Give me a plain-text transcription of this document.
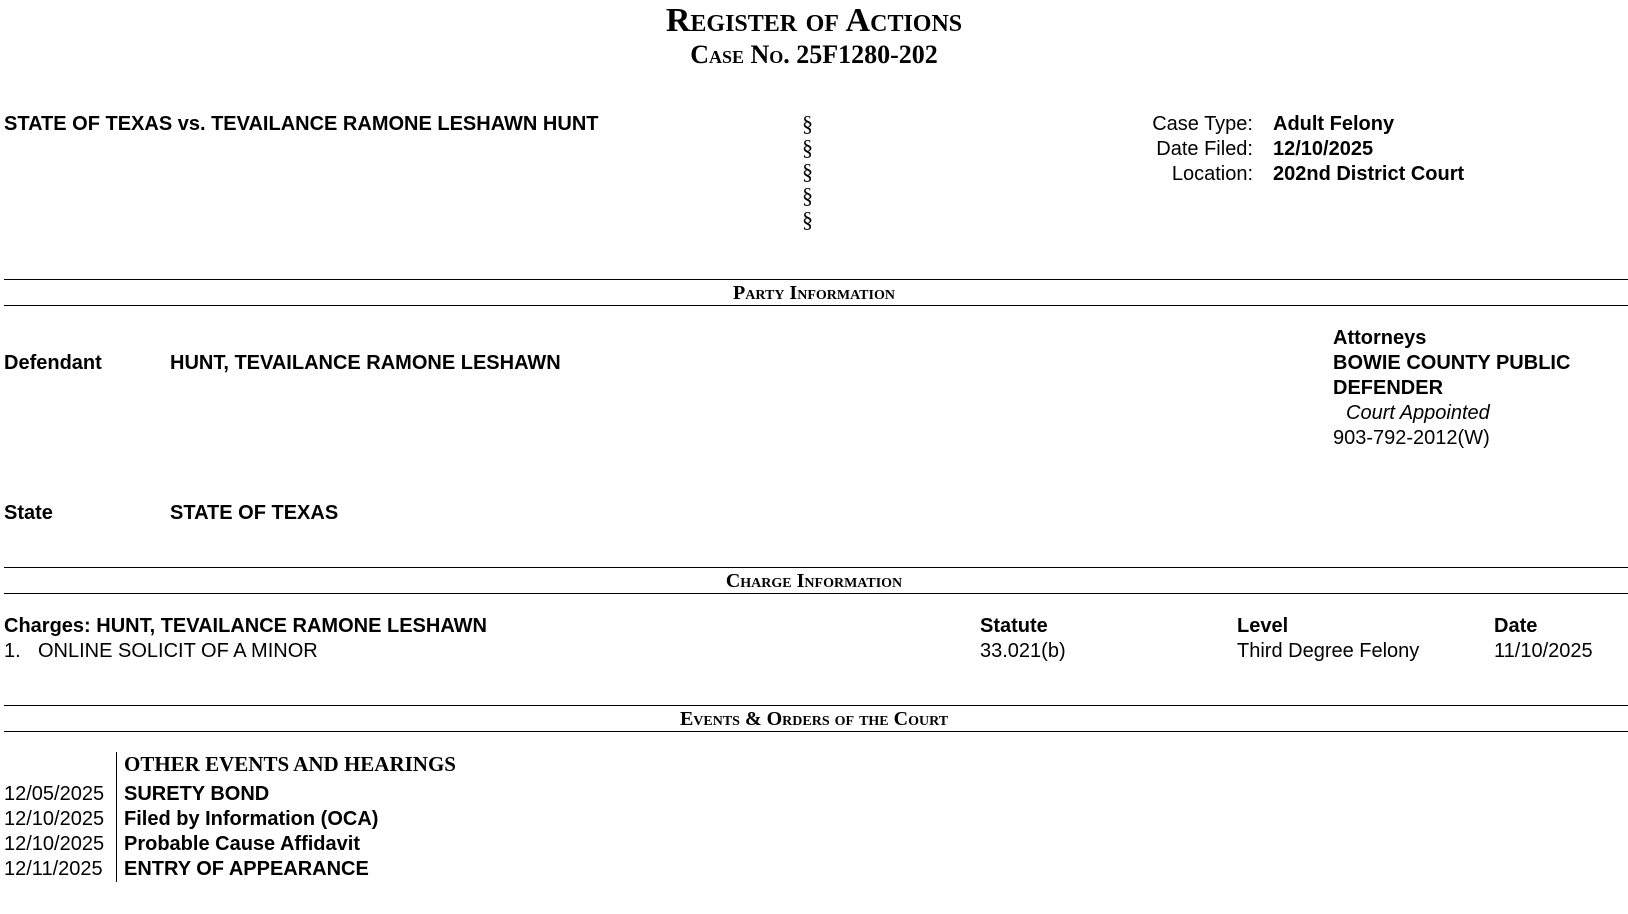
Register of Actions
Case No. 25F1280-202
STATE OF TEXAS vs. TEVAILANCE RAMONE LESHAWN HUNT	§
§
§
§
§
Case Type: Adult Felony
Date Filed: 12/10/2025
Location: 202nd District Court
Party Information
Defendant	HUNT, TEVAILANCE RAMONE LESHAWN
Attorneys
BOWIE COUNTY PUBLIC
DEFENDER
Court Appointed
903-792-2012(W)
State	STATE OF TEXAS
Charge Information
Charges: HUNT, TEVAILANCE RAMONE LESHAWN	Statute	Level	Date
1. ONLINE SOLICIT OF A MINOR	33.021(b)	Third Degree Felony	11/10/2025
Events & Orders of the Court
OTHER EVENTS AND HEARINGS
12/05/2025 SURETY BOND
12/10/2025 Filed by Information (OCA)
12/10/2025 Probable Cause Affidavit
12/11/2025 ENTRY OF APPEARANCE
